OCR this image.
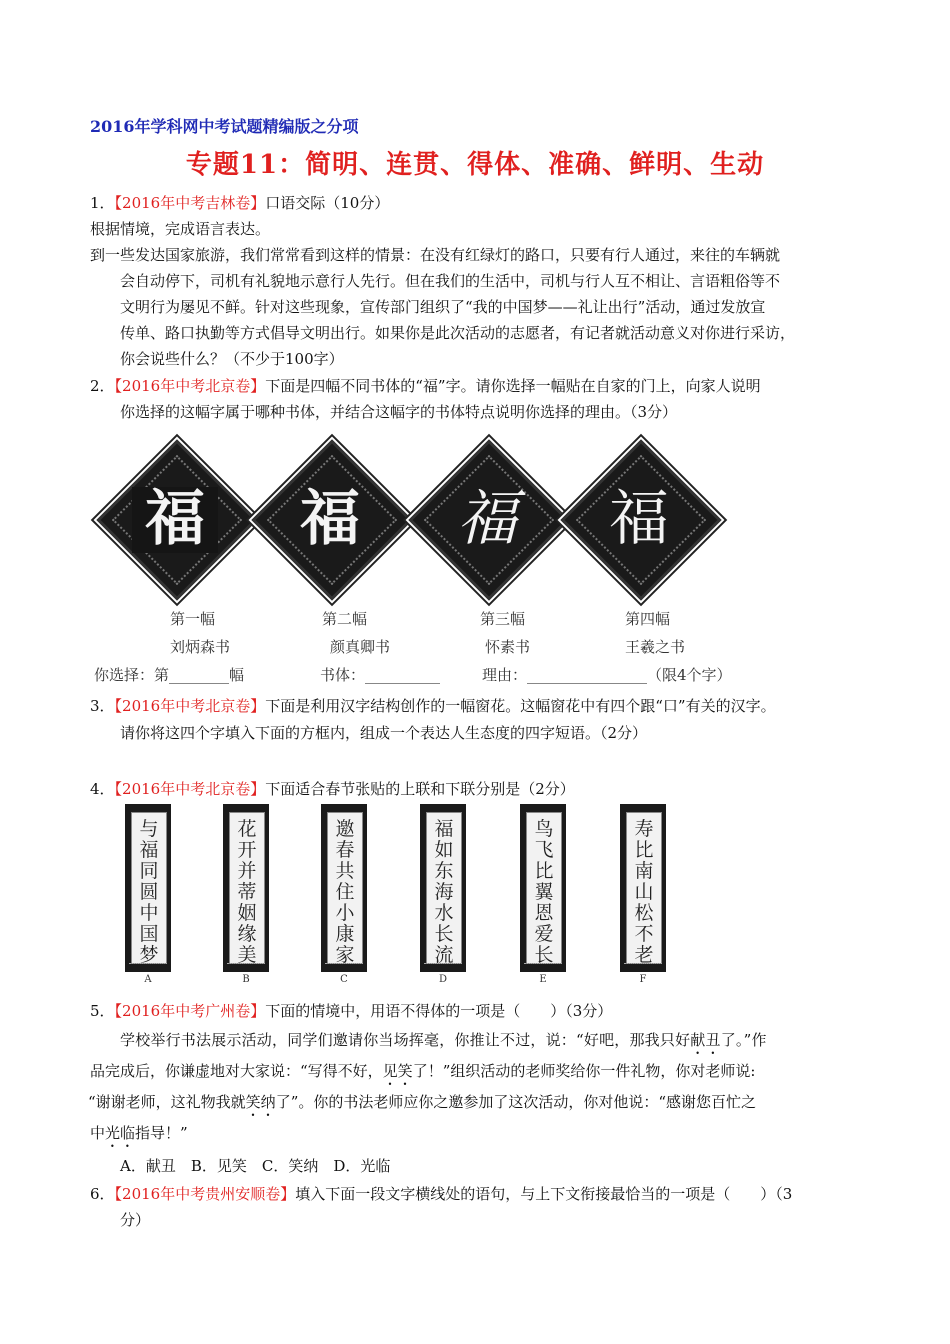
2016年学科网中考试题精编版之分项
专题11：简明、连贯、得体、准确、鲜明、生动
1．【2016年中考吉林卷】口语交际（10分）
根据情境，完成语言表达。
到一些发达国家旅游，我们常常看到这样的情景：在没有红绿灯的路口，只要有行人通过，来往的车辆就
会自动停下，司机有礼貌地示意行人先行。但在我们的生活中，司机与行人互不相让、言语粗俗等不
文明行为屡见不鲜。针对这些现象，宣传部门组织了“我的中国梦——礼让出行”活动，通过发放宣
传单、路口执勤等方式倡导文明出行。如果你是此次活动的志愿者，有记者就活动意义对你进行采访，
你会说些什么？（不少于100字）
2．【2016年中考北京卷】下面是四幅不同书体的“福”字。请你选择一幅贴在自家的门上，向家人说明
你选择的这幅字属于哪种书体，并结合这幅字的书体特点说明你选择的理由。（3分）
福 福 福 福
第一幅	第二幅	第三幅	第四幅
刘炳森书	颜真卿书	怀素书	王羲之书
你选择：第________幅	书体：__________	理由：________________（限4个字）
3．【2016年中考北京卷】下面是利用汉字结构创作的一幅窗花。这幅窗花中有四个跟“口”有关的汉字。
请你将这四个字填入下面的方框内，组成一个表达人生态度的四字短语。（2分）
4．【2016年中考北京卷】下面适合春节张贴的上联和下联分别是（2分）
与福同圆中国梦
A
花开并蒂姻缘美
B
邀春共住小康家
C
福如东海水长流
D
鸟飞比翼恩爱长
E
寿比南山松不老
F
5．【2016年中考广州卷】下面的情境中，用语不得体的一项是（　　）（3分）
学校举行书法展示活动，同学们邀请你当场挥毫，你推让不过，说：“好吧，那我只好献丑了。”作
品完成后，你谦虚地对大家说：“写得不好，见笑了！”组织活动的老师奖给你一件礼物，你对老师说:
“谢谢老师，这礼物我就笑纳了”。你的书法老师应你之邀参加了这次活动，你对他说：“感谢您百忙之
中光临指导！”
A．献丑　B．见笑　C．笑纳　D．光临
6．【2016年中考贵州安顺卷】填入下面一段文字横线处的语句，与上下文衔接最恰当的一项是（　　）（3
分）
